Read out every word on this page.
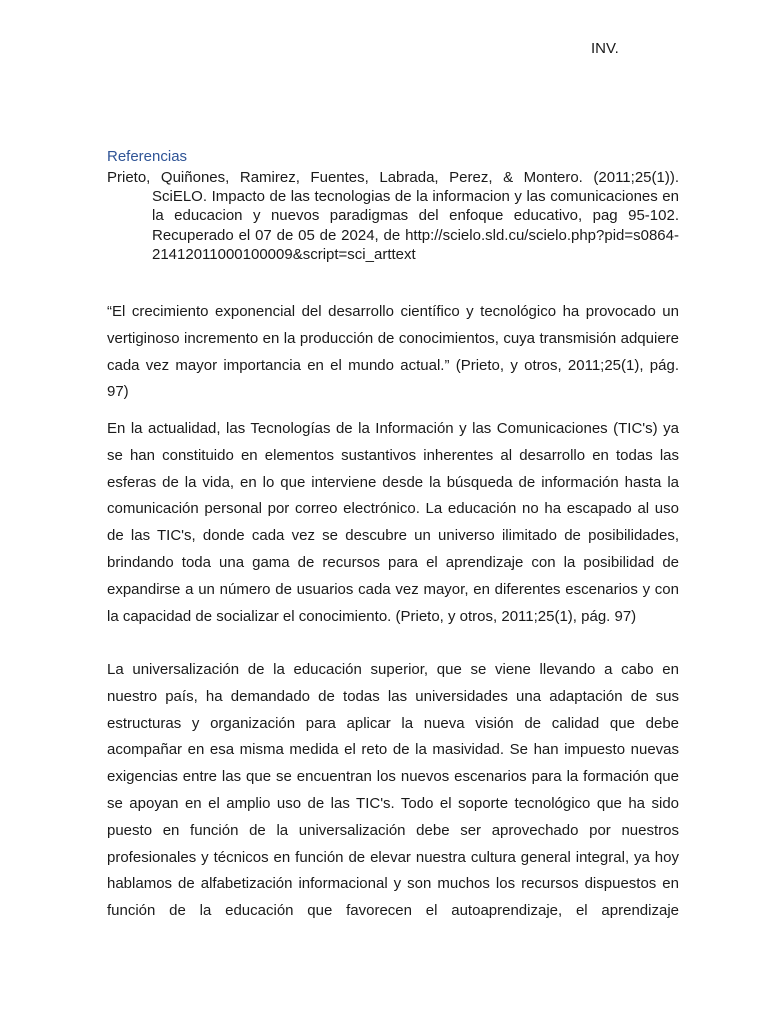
INV.
Referencias
Prieto, Quiñones, Ramirez, Fuentes, Labrada, Perez, & Montero. (2011;25(1)). SciELO. Impacto de las tecnologias de la informacion y las comunicaciones en la educacion y nuevos paradigmas del enfoque educativo, pag 95-102. Recuperado el 07 de 05 de 2024, de http://scielo.sld.cu/scielo.php?pid=s0864-21412011000100009&script=sci_arttext

“El crecimiento exponencial del desarrollo científico y tecnológico ha provocado un vertiginoso incremento en la producción de conocimientos, cuya transmisión adquiere cada vez mayor importancia en el mundo actual.” (Prieto, y otros, 2011;25(1), pág. 97)

En la actualidad, las Tecnologías de la Información y las Comunicaciones (TIC's) ya se han constituido en elementos sustantivos inherentes al desarrollo en todas las esferas de la vida, en lo que interviene desde la búsqueda de información hasta la comunicación personal por correo electrónico. La educación no ha escapado al uso de las TIC's, donde cada vez se descubre un universo ilimitado de posibilidades, brindando toda una gama de recursos para el aprendizaje con la posibilidad de expandirse a un número de usuarios cada vez mayor, en diferentes escenarios y con la capacidad de socializar el conocimiento. (Prieto, y otros, 2011;25(1), pág. 97)

La universalización de la educación superior, que se viene llevando a cabo en nuestro país, ha demandado de todas las universidades una adaptación de sus estructuras y organización para aplicar la nueva visión de calidad que debe acompañar en esa misma medida el reto de la masividad. Se han impuesto nuevas exigencias entre las que se encuentran los nuevos escenarios para la formación que se apoyan en el amplio uso de las TIC's. Todo el soporte tecnológico que ha sido puesto en función de la universalización debe ser aprovechado por nuestros profesionales y técnicos en función de elevar nuestra cultura general integral, ya hoy hablamos de alfabetización informacional y son muchos los recursos dispuestos en función de la educación que favorecen el autoaprendizaje, el aprendizaje
